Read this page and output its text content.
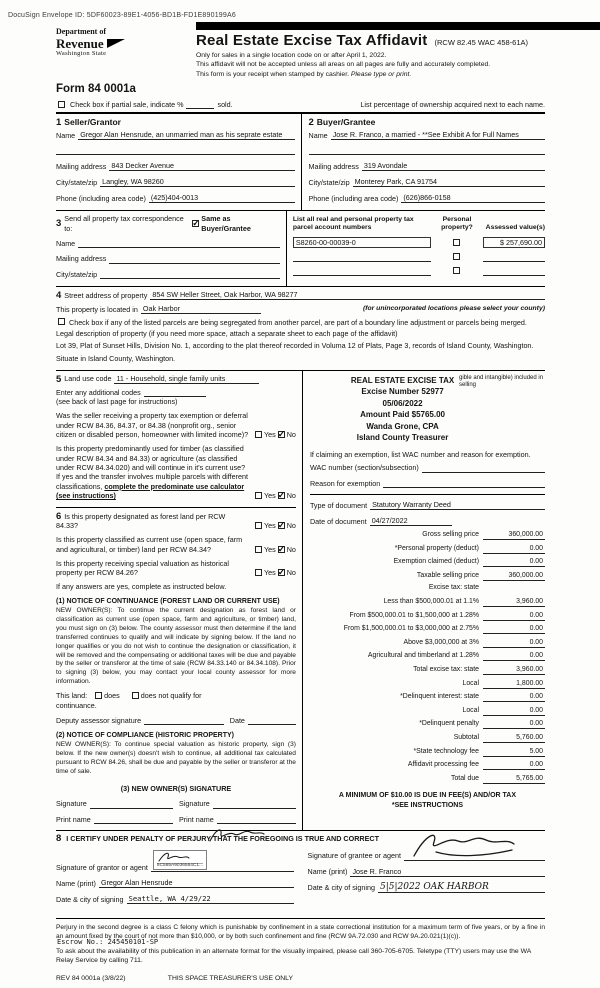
DocuSign Envelope ID: 5DF60023-89E1-4056-BD1B-FD1E890199A6
Department of
Revenue
Washington State
Real Estate Excise Tax Affidavit (RCW 82.45 WAC 458-61A)
Only for sales in a single location code on or after April 1, 2022.
This affidavit will not be accepted unless all areas on all pages are fully and accurately completed.
This form is your receipt when stamped by cashier. Please type or print.
Form 84 0001a
Check box if partial sale, indicate %	sold.	List percentage of ownership acquired next to each name.
1 Seller/Grantor
Name Gregor Alan Hensrude, an unmarried man as his seprate estate
Mailing address 843 Decker Avenue
City/state/zip Langley, WA 98260
Phone (including area code) (425)404-0013
2 Buyer/Grantee
Name Jose R. Franco, a married - **See Exhibit A for Full Names
Mailing address 319 Avondale
City/state/zip Monterey Park, CA 91754
Phone (including area code) (626)866-0158
3 Send all property tax correspondence to:
✓
Same as Buyer/Grantee
Name
Mailing address
City/state/zip
List all real and personal property tax parcel account numbers
Personal property?	Assessed value(s)
S8260-00-00039-0	$ 257,690.00
4 Street address of property 854 SW Heller Street, Oak Harbor, WA 98277
This property is located in Oak Harbor	(for unincorporated locations please select your county)
Check box if any of the listed parcels are being segregated from another parcel, are part of a boundary line adjustment or parcels being merged.
Legal description of property (if you need more space, attach a separate sheet to each page of the affidavit)
Lot 39, Plat of Sunset Hills, Division No. 1, according to the plat thereof recorded in Voluma 12 of Plats, Page 3, records of Island County, Washington.
Situate in Island County, Washington.
5 Land use code 11 - Household, single family units
Enter any additional codes
(see back of last page for instructions)
Was the seller receiving a property tax exemption or deferral under RCW 84.36, 84.37, or 84.38 (nonprofit org., senior citizen or disabled person, homeowner with limited income)? Yes ✓ No
Is this property predominantly used for timber (as classified under RCW 84.34 and 84.33) or agriculture (as classified under RCW 84.34.020) and will continue in it's current use? If yes and the transfer involves multiple parcels with different classifications, complete the predominate use calculator (see instructions)	Yes ✓ No
6 Is this property designated as forest land per RCW 84.33?	Yes ✓ No
Is this property classified as current use (open space, farm and agricultural, or timber) land per RCW 84.34?	Yes ✓ No
Is this property receiving special valuation as historical property per RCW 84.26?	Yes ✓ No
If any answers are yes, complete as instructed below.
(1) NOTICE OF CONTINUANCE (FOREST LAND OR CURRENT USE)
NEW OWNER(S): To continue the current designation as forest land or classification as current use (open space, farm and agriculture, or timber) land, you must sign on (3) below. The county assessor must then determine if the land transferred continues to qualify and will indicate by signing below. If the land no longer qualifies or you do not wish to continue the designation or classification, it will be removed and the compensating or additional taxes will be due and payable by the seller or transferor at the time of sale (RCW 84.33.140 or 84.34.108). Prior to signing (3) below, you may contact your local county assessor for more information.
This land: does	does not qualify for
continuance.
Deputy assessor signature	Date
(2) NOTICE OF COMPLIANCE (HISTORIC PROPERTY)
NEW OWNER(S): To continue special valuation as historic property, sign (3) below. If the new owner(s) doesn't wish to continue, all additional tax calculated pursuant to RCW 84.26, shall be due and payable by the seller or transferor at the time of sale.
(3) NEW OWNER(S) SIGNATURE
Signature	Signature
Print name	Print name
gible and intangible) included in selling
REAL ESTATE EXCISE TAX
Excise Number 52977
05/06/2022
Amount Paid $5765.00
Wanda Grone, CPA
Island County Treasurer
If claiming an exemption, list WAC number and reason for exemption.
WAC number (section/subsection)
Reason for exemption
Type of document Statutory Warranty Deed
Date of document 04/27/2022
Gross selling price	360,000.00
*Personal property (deduct)	0.00
Exemption claimed (deduct)	0.00
Taxable selling price	360,000.00
Excise tax: state
Less than $500,000.01 at 1.1%	3,960.00
From $500,000.01 to $1,500,000 at 1.28%	0.00
From $1,500,000.01 to $3,000,000 at 2.75%	0.00
Above $3,000,000 at 3%	0.00
Agricultural and timberland at 1.28%	0.00
Total excise tax: state	3,960.00
Local	1,800.00
*Delinquent interest: state	0.00
Local	0.00
*Delinquent penalty	0.00
Subtotal	5,760.00
*State technology fee	5.00
Affidavit processing fee	0.00
Total due	5,765.00
A MINIMUM OF $10.00 IS DUE IN FEE(S) AND/OR TAX
*SEE INSTRUCTIONS
8 I CERTIFY UNDER PENALTY OF PERJURY THAT THE FOREGOING IS TRUE AND CORRECT
Signature of grantor or agent	5C565A9036564C1...
Name (print) Gregor Alan Hensrude
Date & city of signing Seattle, WA 4/29/22
Signature of grantee or agent
Name (print) Jose R. Franco
Date & city of signing 5|5|2022 OAK HARBOR
Perjury in the second degree is a class C felony which is punishable by confinement in a state correctional institution for a maximum term of five years, or by a fine in an amount fixed by the court of not more than $10,000, or by both such confinement and fine (RCW 9A.72.030 and RCW 9A.20.021(1)(c)).
To ask about the availability of this publication in an alternate format for the visually impaired, please call 360-705-6705. Teletype (TTY) users may use the WA Relay Service by calling 711.
REV 84 0001a (3/8/22)	THIS SPACE TREASURER'S USE ONLY
Escrow No.: 245450101-SP
